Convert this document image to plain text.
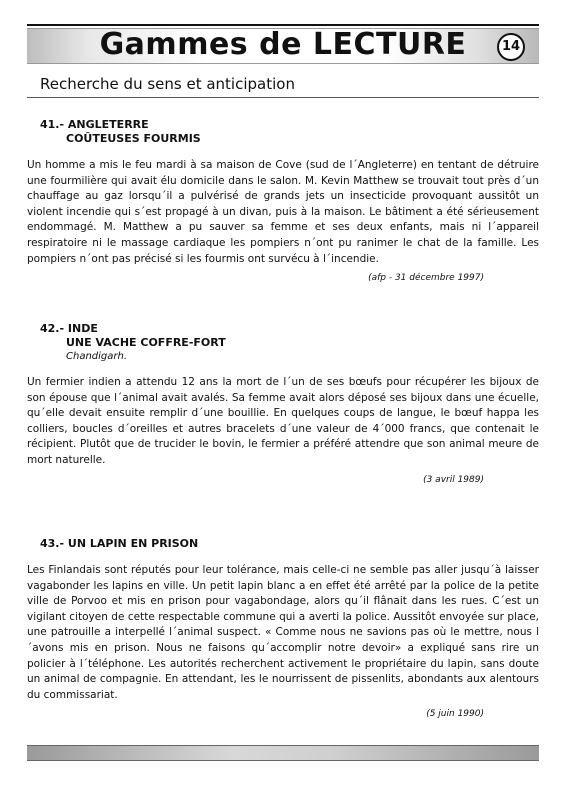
Gammes de LECTURE	14
Recherche du sens et anticipation
41.- ANGLETERRE
COÛTEUSES FOURMIS
Un homme a mis le feu mardi à sa maison de Cove (sud de l´Angleterre) en tentant de détruire une fourmilière qui avait élu domicile dans le salon. M. Kevin Matthew se trouvait tout près d´un chauffage au gaz lorsqu´il a pulvérisé de grands jets un insecticide provoquant aussitôt un violent incendie qui s´est propagé à un divan, puis à la maison. Le bâtiment a été sérieusement endommagé. M. Matthew a pu sauver sa femme et ses deux enfants, mais ni l´appareil respiratoire ni le massage cardiaque les pompiers n´ont pu ranimer le chat de la famille. Les pompiers n´ont pas précisé si les fourmis ont survécu à l´incendie.
(afp - 31 décembre 1997)
42.- INDE
UNE VACHE COFFRE-FORT
Chandigarh.
Un fermier indien a attendu 12 ans la mort de l´un de ses bœufs pour récupérer les bijoux de son épouse que l´animal avait avalés. Sa femme avait alors déposé ses bijoux dans une écuelle, qu´elle devait ensuite remplir d´une bouillie. En quelques coups de langue, le bœuf happa les colliers, boucles d´oreilles et autres bracelets d´une valeur de 4´000 francs, que contenait le récipient. Plutôt que de trucider le bovin, le fermier a préféré attendre que son animal meure de mort naturelle.
(3 avril 1989)
43.- UN LAPIN EN PRISON
Les Finlandais sont réputés pour leur tolérance, mais celle-ci ne semble pas aller jusqu´à laisser vagabonder les lapins en ville. Un petit lapin blanc a en effet été arrêté par la police de la petite ville de Porvoo et mis en prison pour vagabondage, alors qu´il flânait dans les rues. C´est un vigilant citoyen de cette respectable commune qui a averti la police. Aussitôt envoyée sur place, une patrouille a interpellé l´animal suspect. « Comme nous ne savions pas où le mettre, nous l´avons mis en prison. Nous ne faisons qu´accomplir notre devoir» a expliqué sans rire un policier à l´téléphone. Les autorités recherchent activement le propriétaire du lapin, sans doute un animal de compagnie. En attendant, les le nourrissent de pissenlits, abondants aux alentours du commissariat.
(5 juin 1990)
